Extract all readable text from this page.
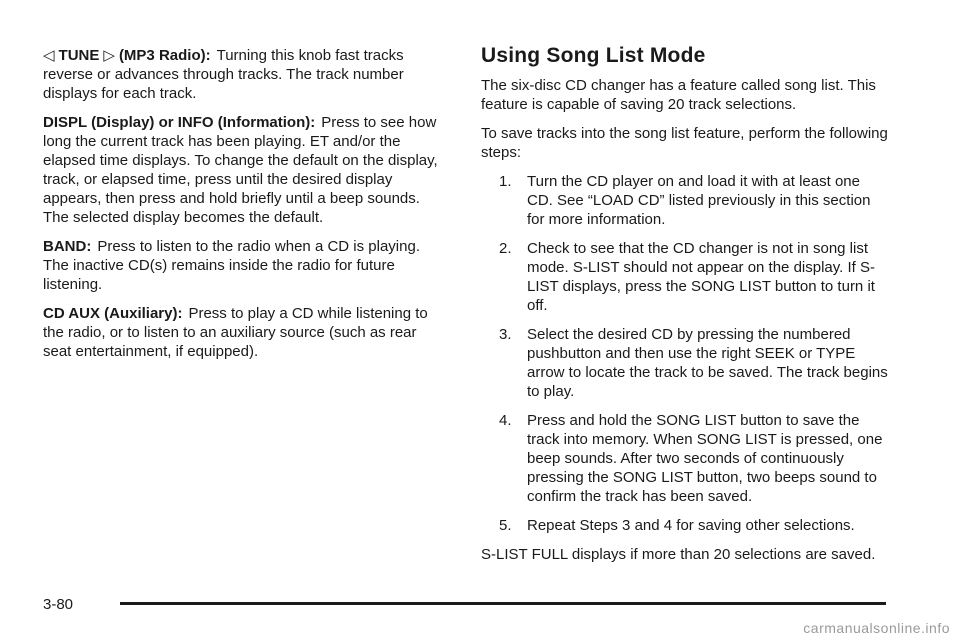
◁ TUNE ▷ (MP3 Radio): Turning this knob fast tracks reverse or advances through tracks. The track number displays for each track.

DISPL (Display) or INFO (Information): Press to see how long the current track has been playing. ET and/or the elapsed time displays. To change the default on the display, track, or elapsed time, press until the desired display appears, then press and hold briefly until a beep sounds. The selected display becomes the default.

BAND: Press to listen to the radio when a CD is playing. The inactive CD(s) remains inside the radio for future listening.

CD AUX (Auxiliary): Press to play a CD while listening to the radio, or to listen to an auxiliary source (such as rear seat entertainment, if equipped).

Using Song List Mode

The six-disc CD changer has a feature called song list. This feature is capable of saving 20 track selections.

To save tracks into the song list feature, perform the following steps:

1.	Turn the CD player on and load it with at least one CD. See “LOAD CD” listed previously in this section for more information.
2.	Check to see that the CD changer is not in song list mode. S-LIST should not appear on the display. If S-LIST displays, press the SONG LIST button to turn it off.
3.	Select the desired CD by pressing the numbered pushbutton and then use the right SEEK or TYPE arrow to locate the track to be saved. The track begins to play.
4.	Press and hold the SONG LIST button to save the track into memory. When SONG LIST is pressed, one beep sounds. After two seconds of continuously pressing the SONG LIST button, two beeps sound to confirm the track has been saved.
5.	Repeat Steps 3 and 4 for saving other selections.

S-LIST FULL displays if more than 20 selections are saved.

3-80
carmanualsonline.info
